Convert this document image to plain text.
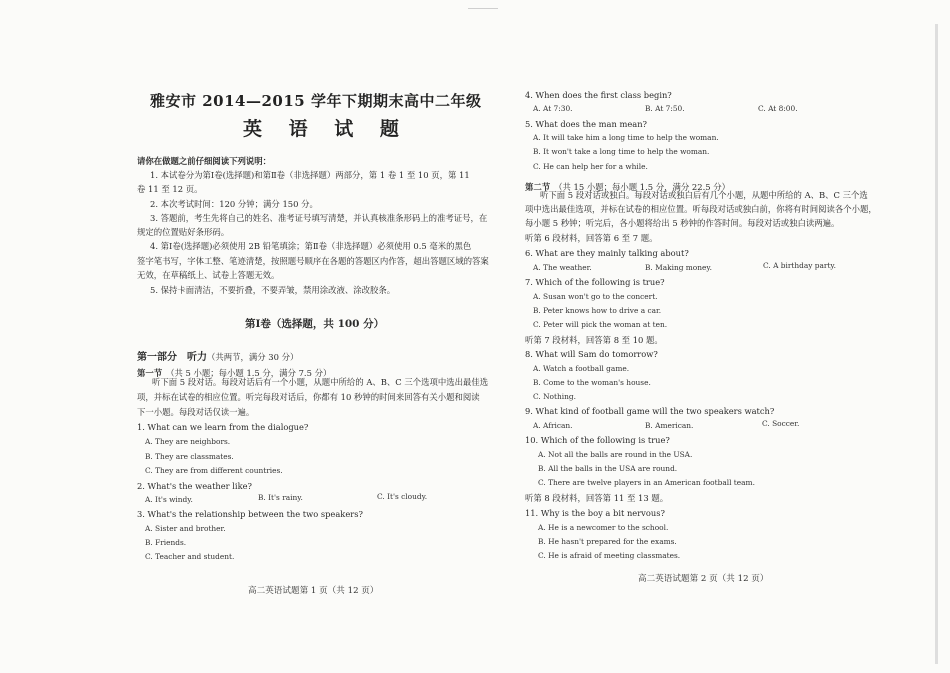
雅安市 2014—2015 学年下期期末高中二年级
英 语 试 题
请你在做题之前仔细阅读下列说明：
1. 本试卷分为第Ⅰ卷(选择题)和第Ⅱ卷（非选择题）两部分，第 1 卷 1 至 10 页，第 11
卷 11 至 12 页。
2. 本次考试时间：120 分钟；满分 150 分。
3. 答题前，考生先将自己的姓名、准考证号填写清楚，并认真核准条形码上的准考证号，在
规定的位置贴好条形码。
4. 第Ⅰ卷(选择题)必须使用 2B 铅笔填涂；第Ⅱ卷（非选择题）必须使用 0.5 毫米的黑色
签字笔书写，字体工整、笔迹清楚，按照题号顺序在各题的答题区内作答，超出答题区域的答案
无效，在草稿纸上、试卷上答题无效。
5. 保持卡面清洁，不要折叠，不要弄皱，禁用涂改液、涂改胶条。
第Ⅰ卷（选择题，共 100 分）
第一部分　听力（共两节，满分 30 分）
第一节 （共 5 小题；每小题 1.5 分，满分 7.5 分）
听下面 5 段对话。每段对话后有一个小题，从题中所给的 A、B、C 三个选项中选出最佳选
项，并标在试卷的相应位置。听完每段对话后，你都有 10 秒钟的时间来回答有关小题和阅读
下一小题。每段对话仅读一遍。
1. What can we learn from the dialogue?
A. They are neighbors.
B. They are classmates.
C. They are from different countries.
2. What's the weather like?
A. It's windy.	B. It's rainy.	C. It's cloudy.
3. What's the relationship between the two speakers?
A. Sister and brother.
B. Friends.
C. Teacher and student.
高二英语试题第 1 页（共 12 页）
4. When does the first class begin?
A. At 7:30.	B. At 7:50.	C. At 8:00.
5. What does the man mean?
A. It will take him a long time to help the woman.
B. It won't take a long time to help the woman.
C. He can help her for a while.
第二节 （共 15 小题；每小题 1.5 分，满分 22.5 分）
听下面 5 段对话或独白。每段对话或独白后有几个小题，从题中所给的 A、B、C 三个选
项中选出最佳选项，并标在试卷的相应位置。听每段对话或独白前，你将有时间阅读各个小题，
每小题 5 秒钟；听完后，各小题将给出 5 秒钟的作答时间。每段对话或独白读两遍。
听第 6 段材料，回答第 6 至 7 题。
6. What are they mainly talking about?
A. The weather.	B. Making money.	C. A birthday party.
7. Which of the following is true?
A. Susan won't go to the concert.
B. Peter knows how to drive a car.
C. Peter will pick the woman at ten.
听第 7 段材料，回答第 8 至 10 题。
8. What will Sam do tomorrow?
A. Watch a football game.
B. Come to the woman's house.
C. Nothing.
9. What kind of football game will the two speakers watch?
A. African.	B. American.	C. Soccer.
10. Which of the following is true?
A. Not all the balls are round in the USA.
B. All the balls in the USA are round.
C. There are twelve players in an American football team.
听第 8 段材料，回答第 11 至 13 题。
11. Why is the boy a bit nervous?
A. He is a newcomer to the school.
B. He hasn't prepared for the exams.
C. He is afraid of meeting classmates.
高二英语试题第 2 页（共 12 页）
